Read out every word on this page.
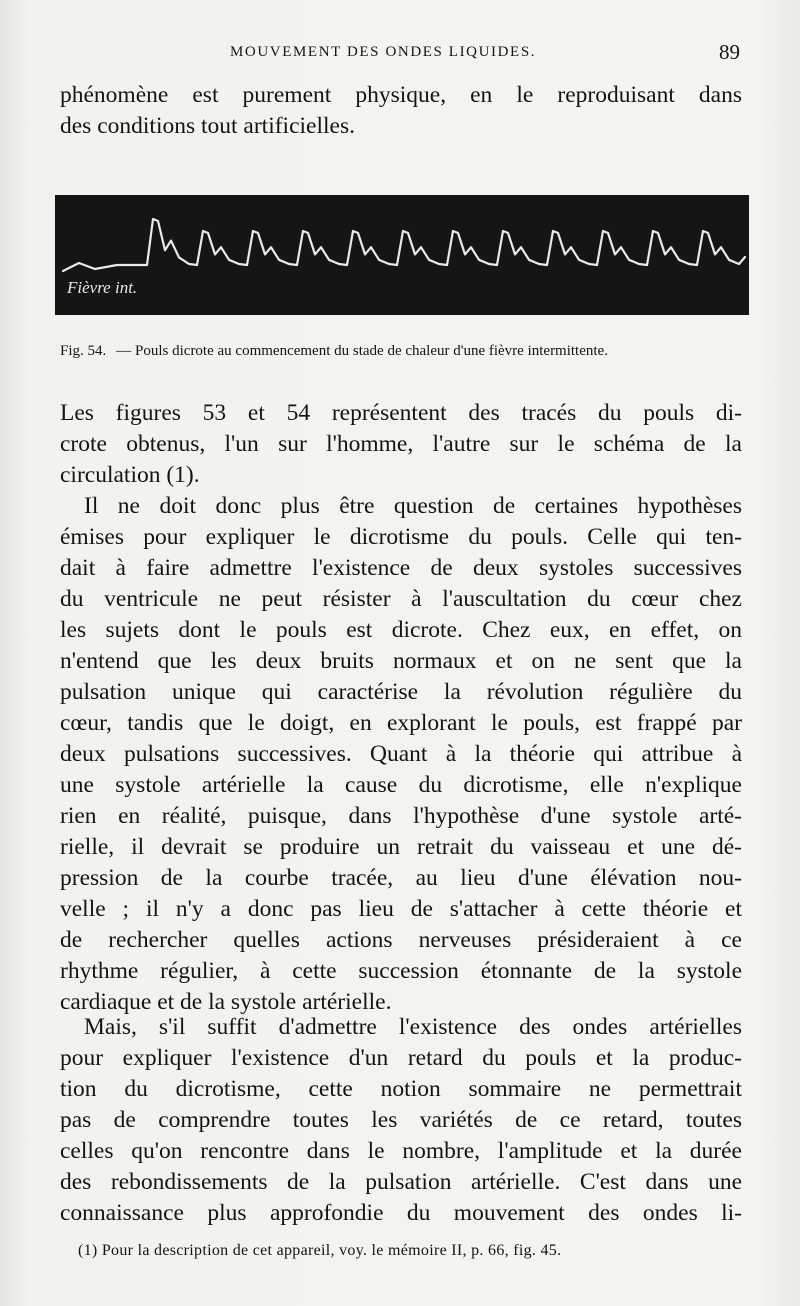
MOUVEMENT DES ONDES LIQUIDES.	89
phénomène est purement physique, en le reproduisant dans
des conditions tout artificielles.
Fièvre int.
Fig. 54. — Pouls dicrote au commencement du stade de chaleur d'une fièvre intermittente.
Les figures 53 et 54 représentent des tracés du pouls di-
crote obtenus, l'un sur l'homme, l'autre sur le schéma de la
circulation (1).
Il ne doit donc plus être question de certaines hypothèses
émises pour expliquer le dicrotisme du pouls. Celle qui ten-
dait à faire admettre l'existence de deux systoles successives
du ventricule ne peut résister à l'auscultation du cœur chez
les sujets dont le pouls est dicrote. Chez eux, en effet, on
n'entend que les deux bruits normaux et on ne sent que la
pulsation unique qui caractérise la révolution régulière du
cœur, tandis que le doigt, en explorant le pouls, est frappé par
deux pulsations successives. Quant à la théorie qui attribue à
une systole artérielle la cause du dicrotisme, elle n'explique
rien en réalité, puisque, dans l'hypothèse d'une systole arté-
rielle, il devrait se produire un retrait du vaisseau et une dé-
pression de la courbe tracée, au lieu d'une élévation nou-
velle ; il n'y a donc pas lieu de s'attacher à cette théorie et
de rechercher quelles actions nerveuses présideraient à ce
rhythme régulier, à cette succession étonnante de la systole
cardiaque et de la systole artérielle.
Mais, s'il suffit d'admettre l'existence des ondes artérielles
pour expliquer l'existence d'un retard du pouls et la produc-
tion du dicrotisme, cette notion sommaire ne permettrait
pas de comprendre toutes les variétés de ce retard, toutes
celles qu'on rencontre dans le nombre, l'amplitude et la durée
des rebondissements de la pulsation artérielle. C'est dans une
connaissance plus approfondie du mouvement des ondes li-
(1) Pour la description de cet appareil, voy. le mémoire II, p. 66, fig. 45.
